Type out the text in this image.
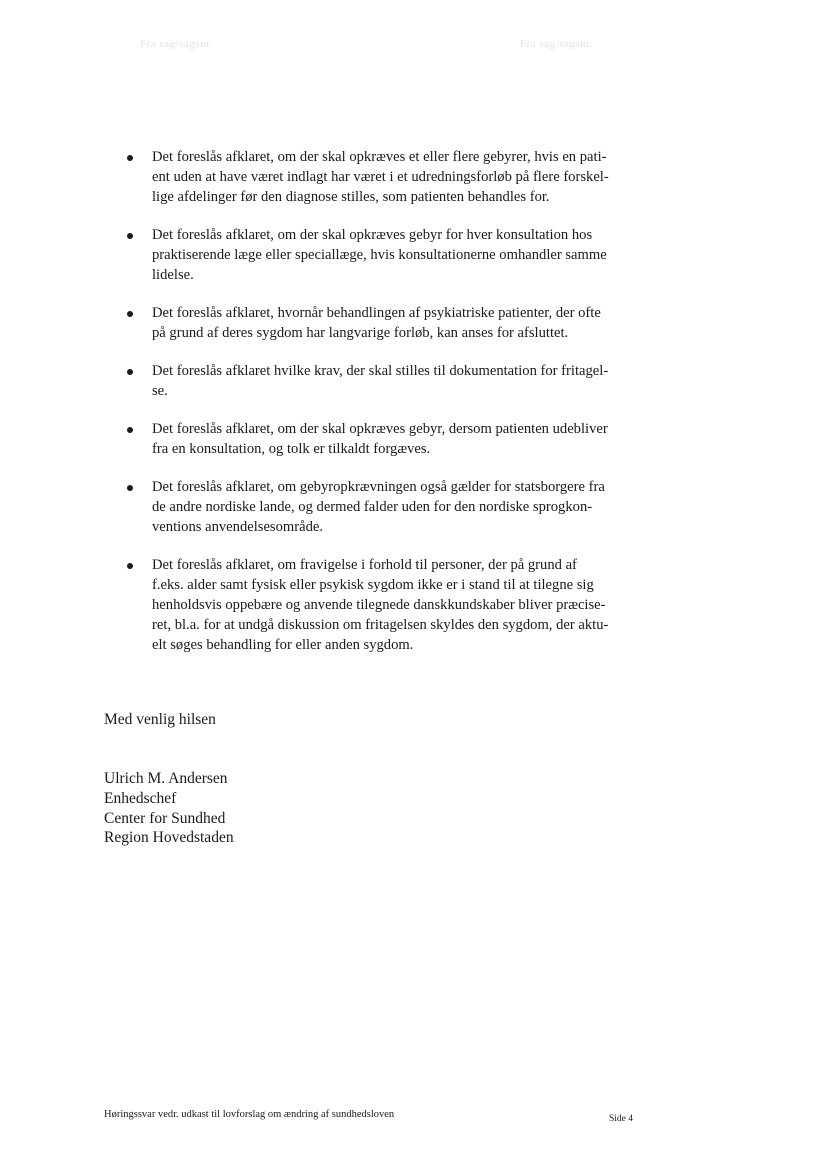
Fra sag/sagsnr.	Fra sag/sagsnr.
Det foreslås afklaret, om der skal opkræves et eller flere gebyrer, hvis en pati-
ent uden at have været indlagt har været i et udredningsforløb på flere forskel-
lige afdelinger før den diagnose stilles, som patienten behandles for.
Det foreslås afklaret, om der skal opkræves gebyr for hver konsultation hos
praktiserende læge eller speciallæge, hvis konsultationerne omhandler samme
lidelse.
Det foreslås afklaret, hvornår behandlingen af psykiatriske patienter, der ofte
på grund af deres sygdom har langvarige forløb, kan anses for afsluttet.
Det foreslås afklaret hvilke krav, der skal stilles til dokumentation for fritagel-
se.
Det foreslås afklaret, om der skal opkræves gebyr, dersom patienten udebliver
fra en konsultation, og tolk er tilkaldt forgæves.
Det foreslås afklaret, om gebyropkrævningen også gælder for statsborgere fra
de andre nordiske lande, og dermed falder uden for den nordiske sprogkon-
ventions anvendelsesområde.
Det foreslås afklaret, om fravigelse i forhold til personer, der på grund af
f.eks. alder samt fysisk eller psykisk sygdom ikke er i stand til at tilegne sig
henholdsvis oppebære og anvende tilegnede danskkundskaber bliver præcise-
ret, bl.a. for at undgå diskussion om fritagelsen skyldes den sygdom, der aktu-
elt søges behandling for eller anden sygdom.
Med venlig hilsen
Ulrich M. Andersen
Enhedschef
Center for Sundhed
Region Hovedstaden
Høringssvar vedr. udkast til lovforslag om ændring af sundhedsloven	Side 4
